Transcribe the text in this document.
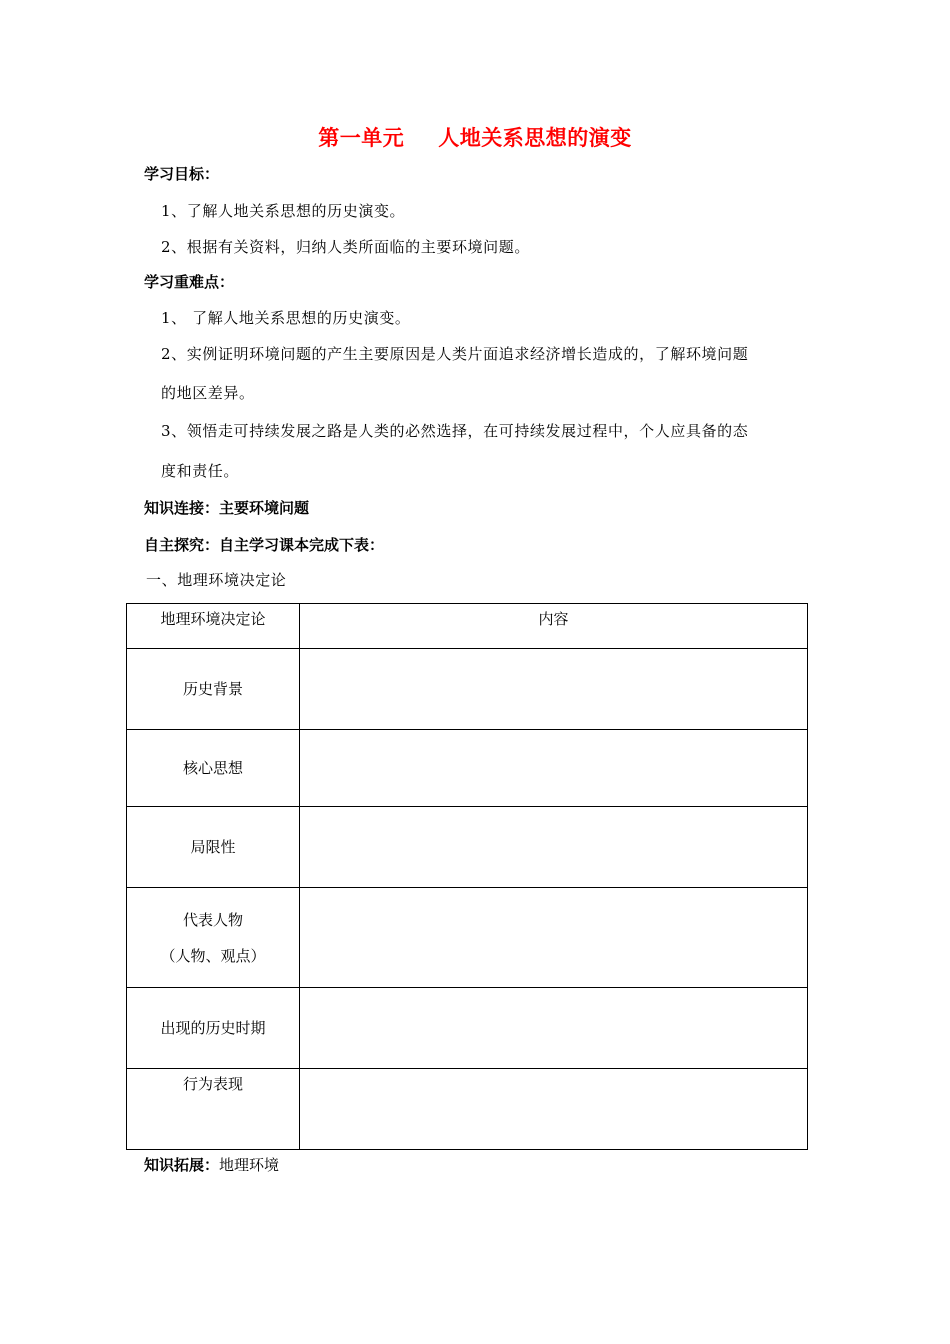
第一单元 人地关系思想的演变
学习目标：
1、了解人地关系思想的历史演变。
2、根据有关资料，归纳人类所面临的主要环境问题。
学习重难点：
1、 了解人地关系思想的历史演变。
2、实例证明环境问题的产生主要原因是人类片面追求经济增长造成的，了解环境问题
的地区差异。
3、领悟走可持续发展之路是人类的必然选择，在可持续发展过程中，个人应具备的态
度和责任。
知识连接：主要环境问题
自主探究：自主学习课本完成下表：
一、地理环境决定论
地理环境决定论	内容
历史背景	
核心思想	
局限性	
代表人物
（人物、观点）	

出现的历史时期	
行为表现	
知识拓展：地理环境
